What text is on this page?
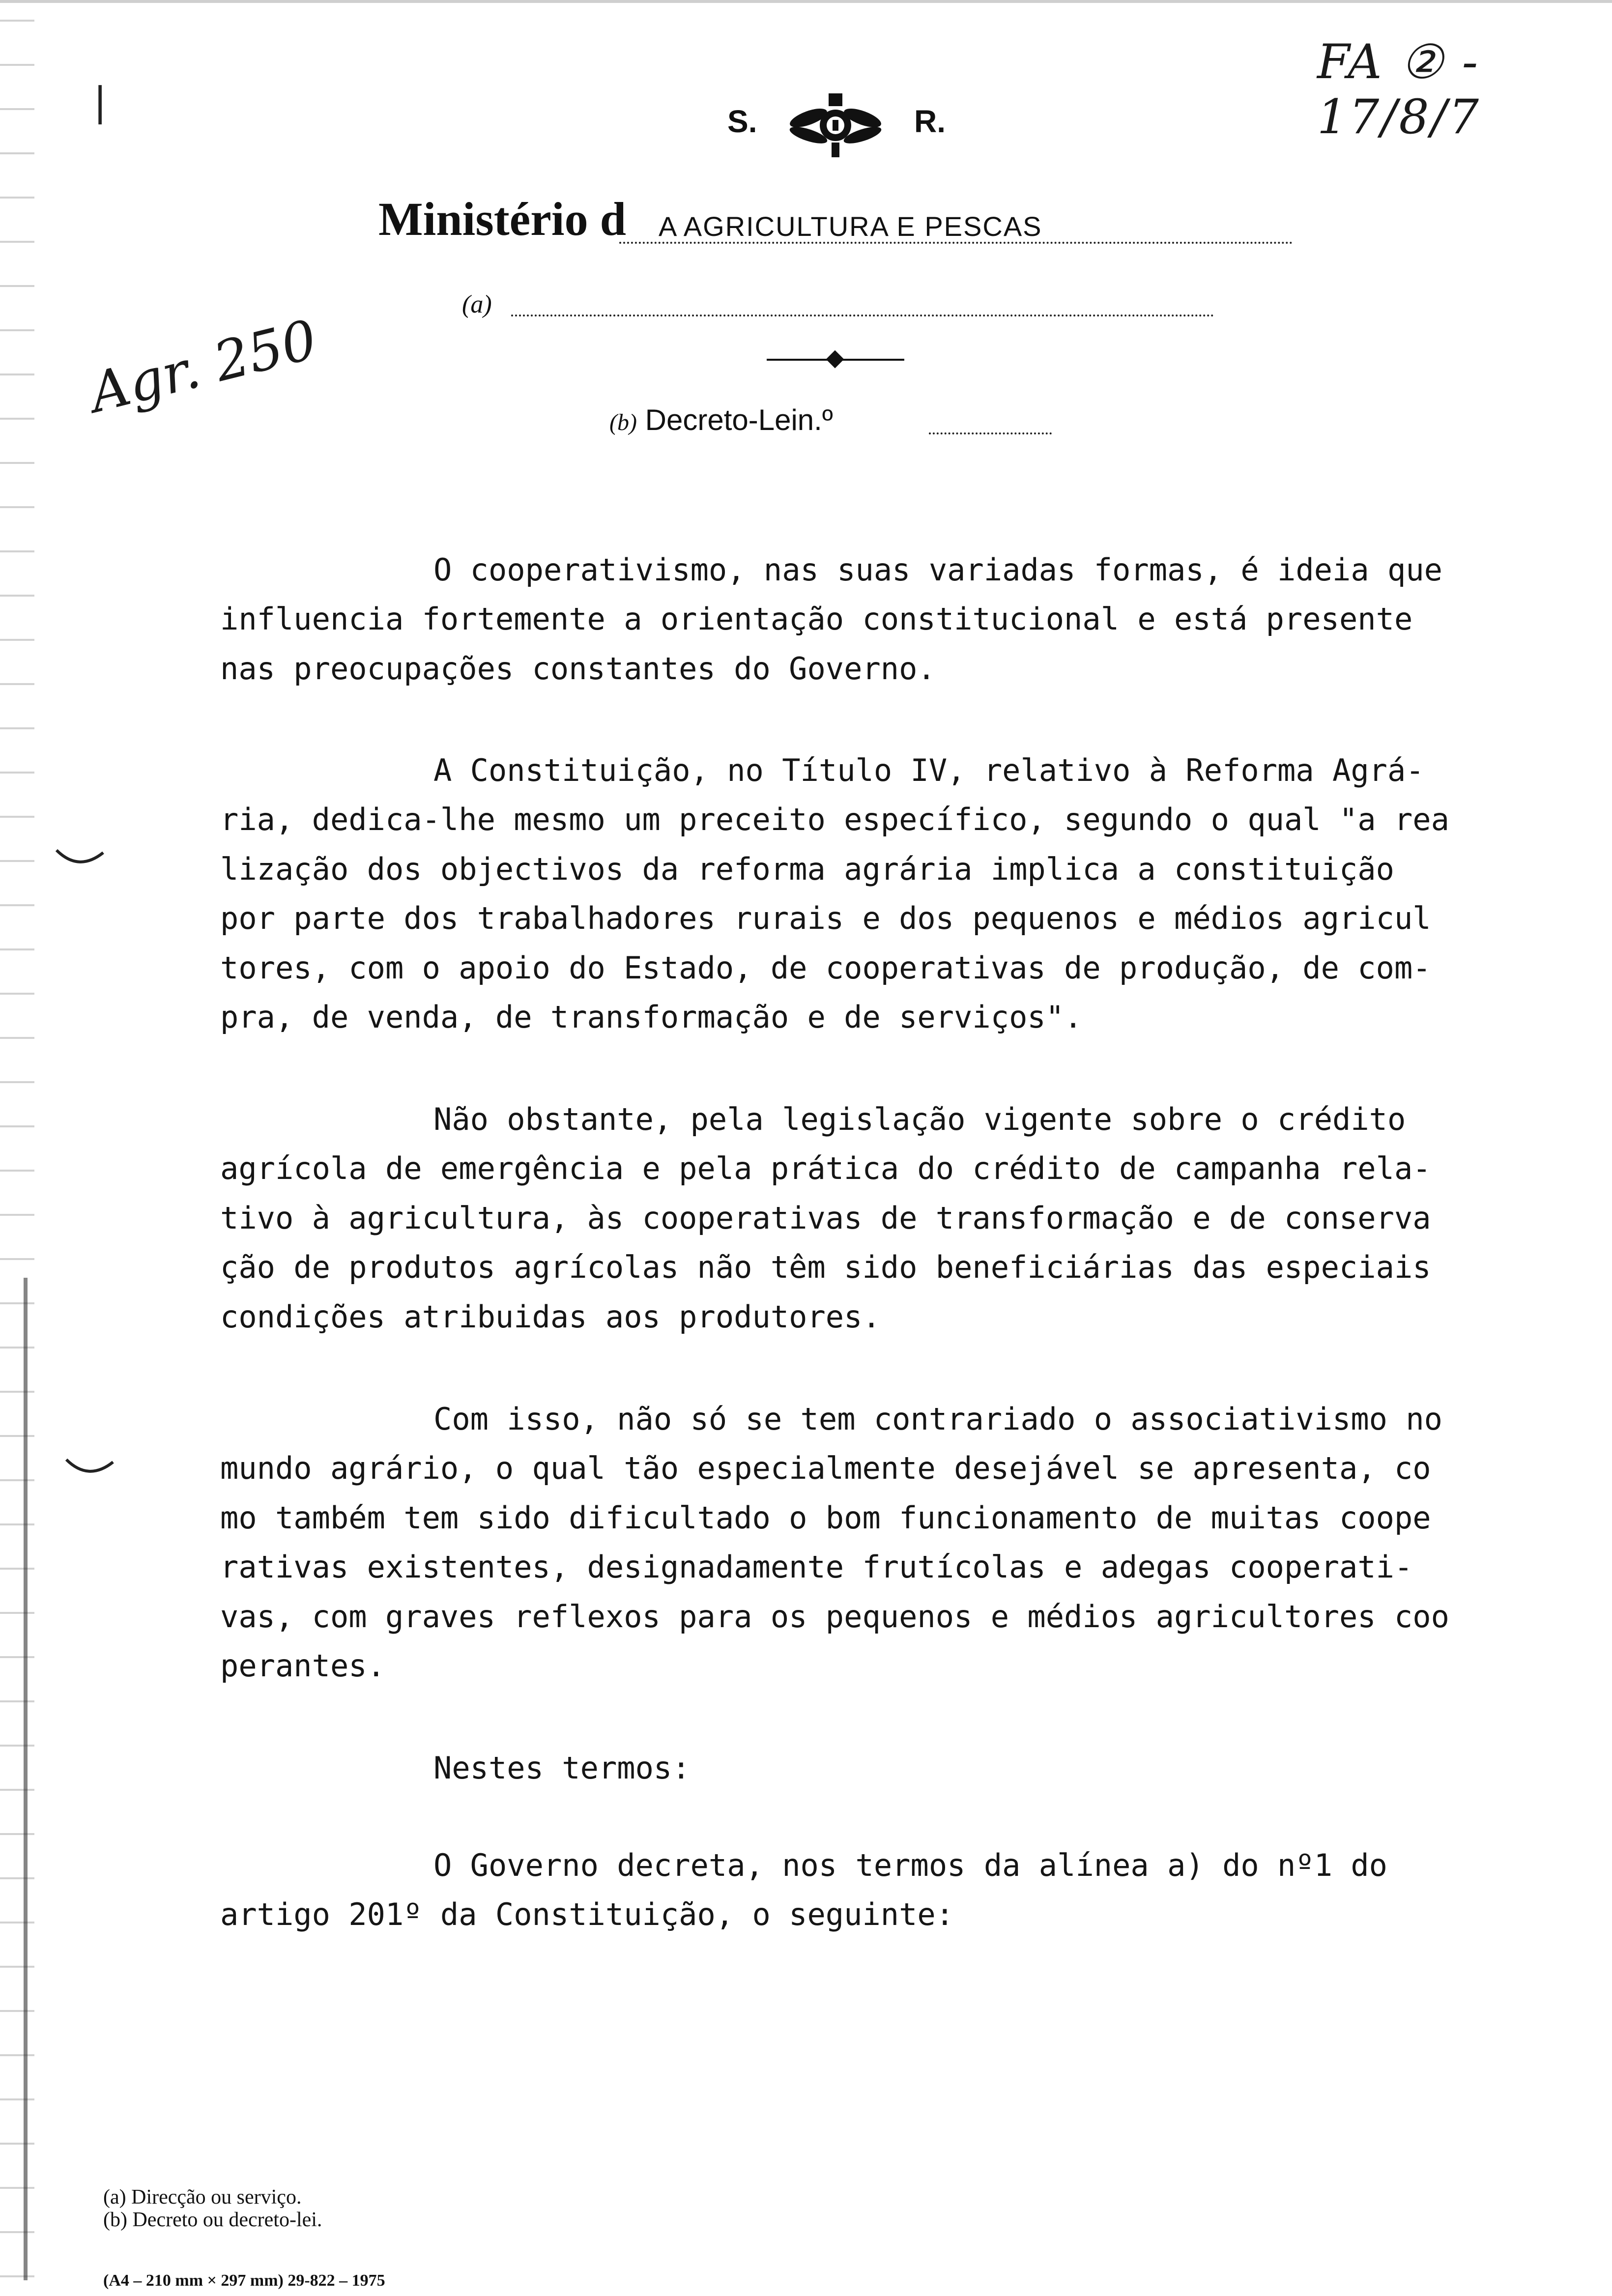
❘
FA ② - 17/8/7
Agr. 250
S.	R.
Ministério d A AGRICULTURA E PESCAS
(a)
(b) Decreto-Lein.º
O cooperativismo, nas suas variadas formas, é ideia que
influencia fortemente a orientação constitucional e está presente
nas preocupações constantes do Governo.
A Constituição, no Título IV, relativo à Reforma Agrá-
ria, dedica-lhe mesmo um preceito específico, segundo o qual "a rea
lização dos objectivos da reforma agrária implica a constituição
por parte dos trabalhadores rurais e dos pequenos e médios agricul
tores, com o apoio do Estado, de cooperativas de produção, de com-
pra, de venda, de transformação e de serviços".
Não obstante, pela legislação vigente sobre o crédito
agrícola de emergência e pela prática do crédito de campanha rela-
tivo à agricultura, às cooperativas de transformação e de conserva
ção de produtos agrícolas não têm sido beneficiárias das especiais
condições atribuidas aos produtores.
Com isso, não só se tem contrariado o associativismo no
mundo agrário, o qual tão especialmente desejável se apresenta, co
mo também tem sido dificultado o bom funcionamento de muitas coope
rativas existentes, designadamente frutícolas e adegas cooperati-
vas, com graves reflexos para os pequenos e médios agricultores coo
perantes.
Nestes termos:
O Governo decreta, nos termos da alínea a) do nº1 do
artigo 201º da Constituição, o seguinte:
(a) Direcção ou serviço.
(b) Decreto ou decreto-lei.
(A4 – 210 mm × 297 mm) 29-822 – 1975
